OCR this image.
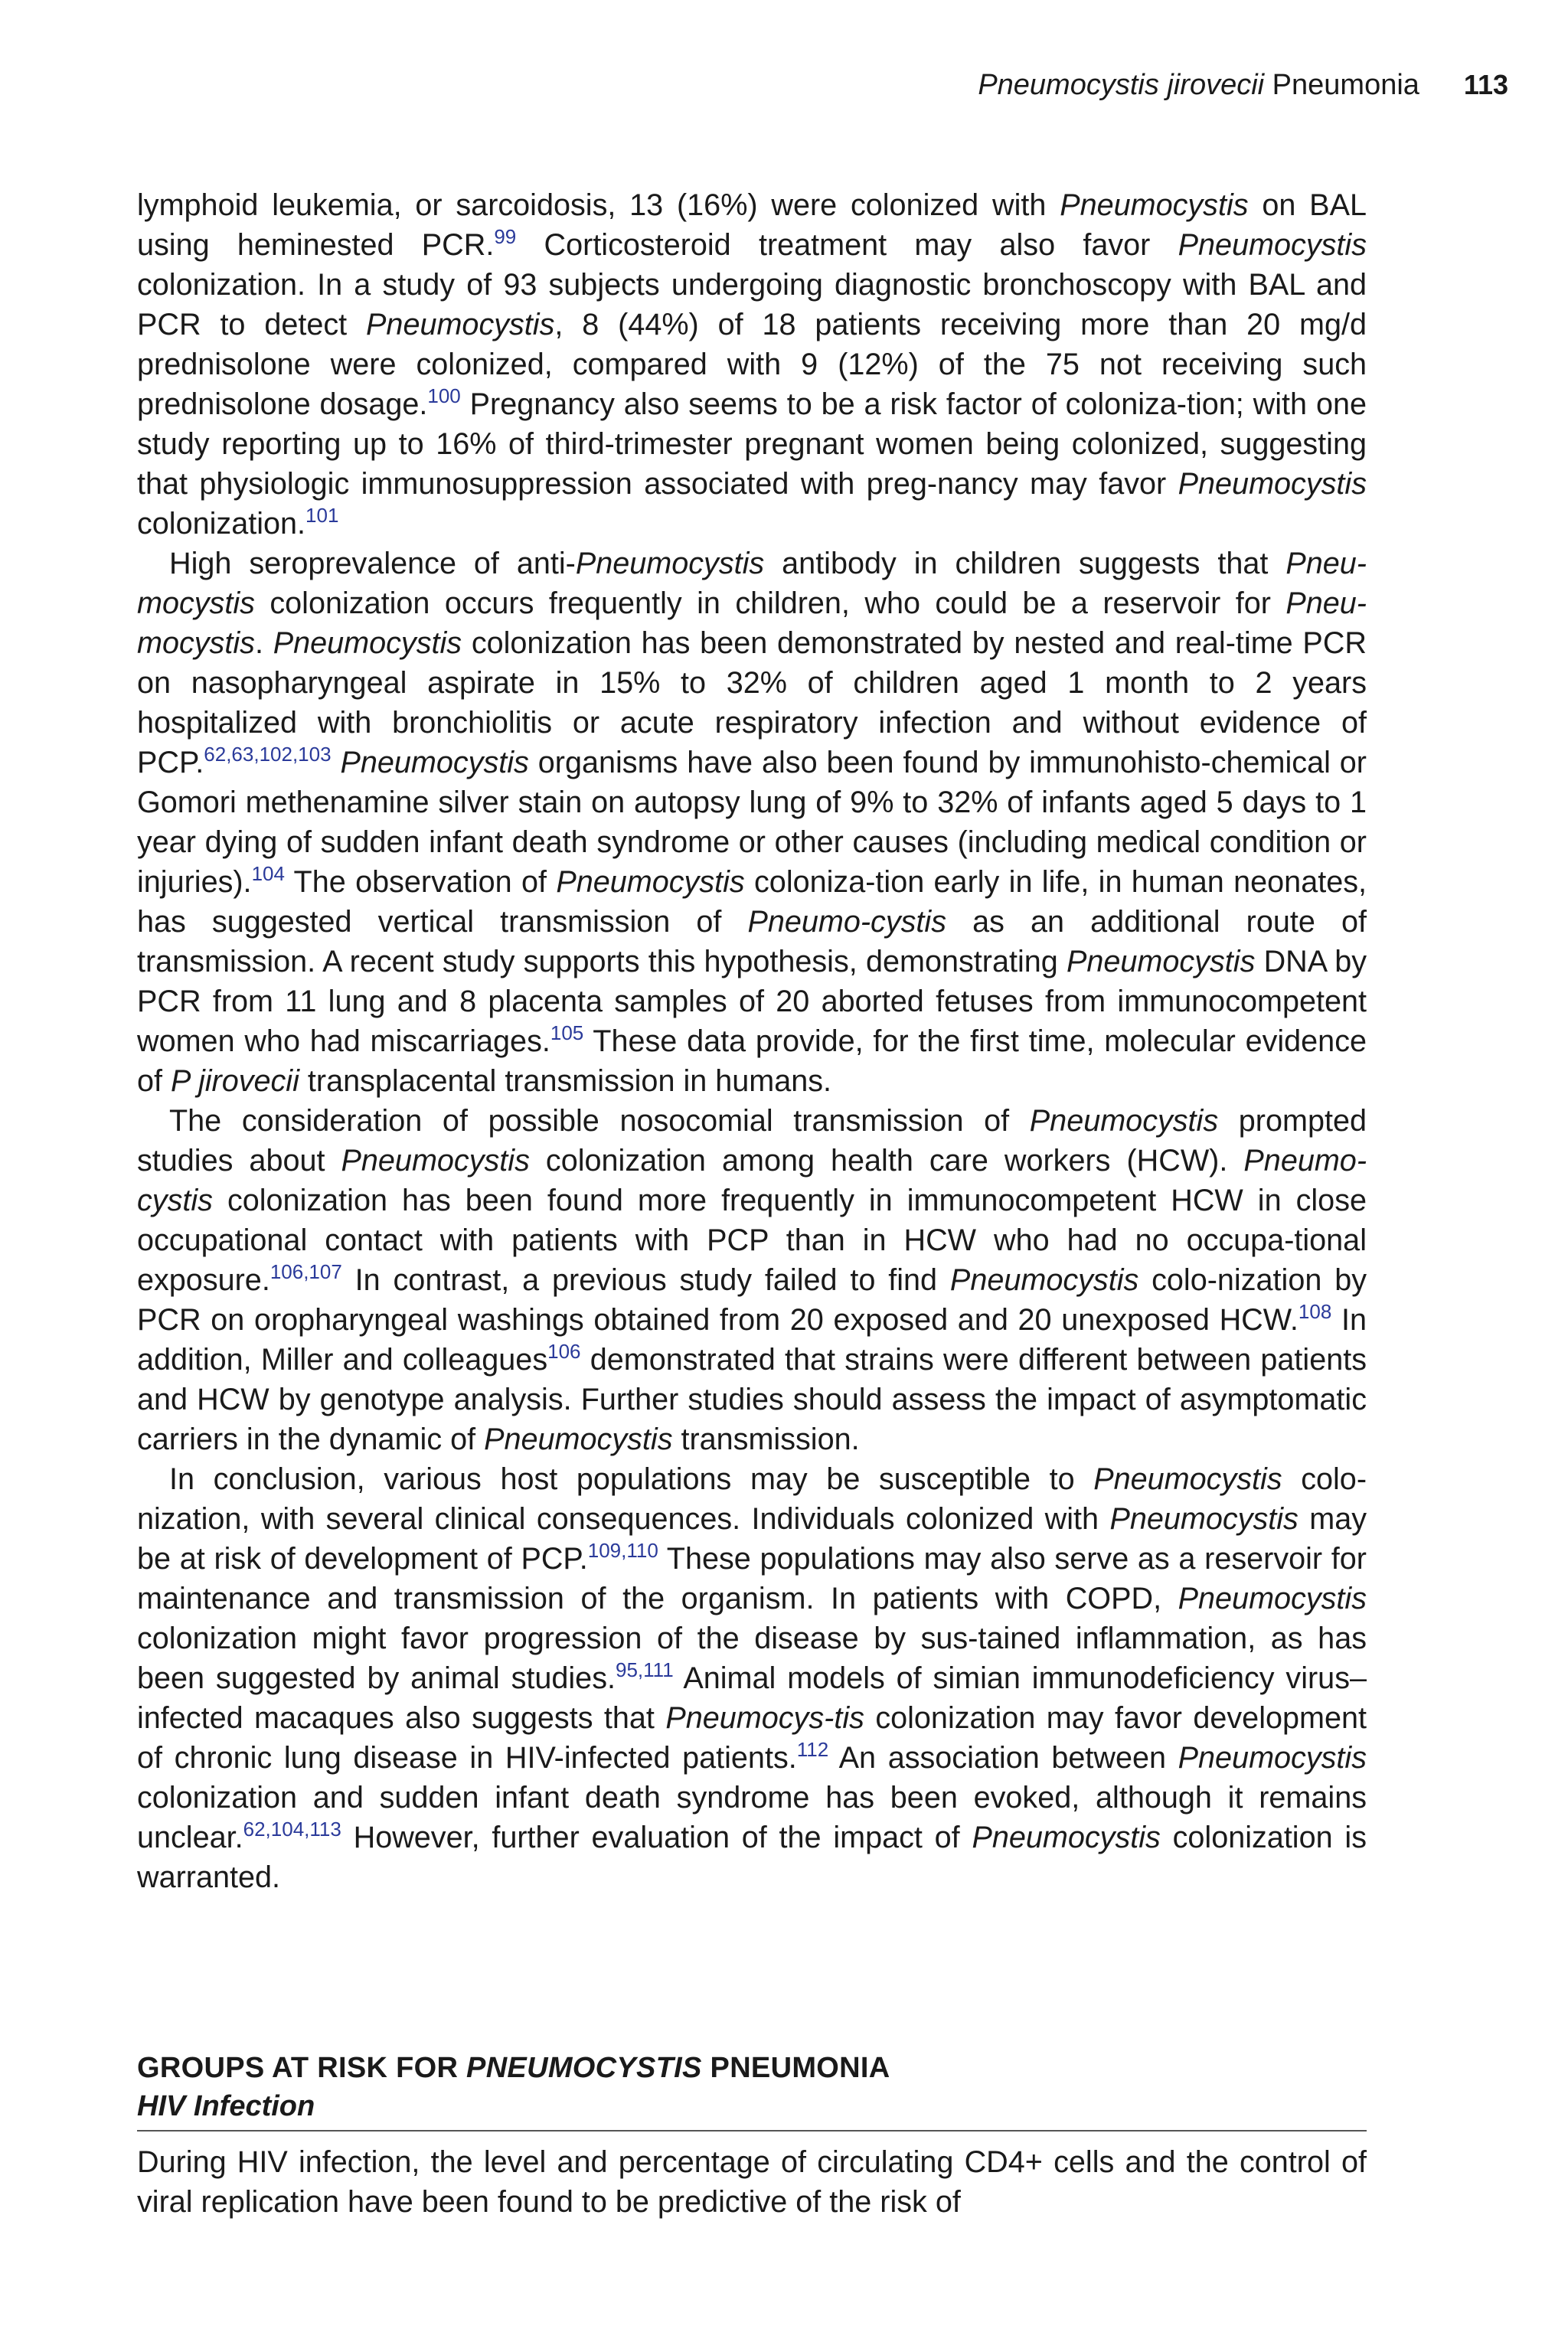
Pneumocystis jirovecii Pneumonia 113

lymphoid leukemia, or sarcoidosis, 13 (16%) were colonized with Pneumocystis on BAL using heminested PCR.$^{99}$ Corticosteroid treatment may also favor Pneumocystis colonization. In a study of 93 subjects undergoing diagnostic bronchoscopy with BAL and PCR to detect Pneumocystis, 8 (44%) of 18 patients receiving more than 20 mg/d prednisolone were colonized, compared with 9 (12%) of the 75 not receiving such prednisolone dosage.$^{100}$ Pregnancy also seems to be a risk factor of coloniza-tion; with one study reporting up to 16% of third-trimester pregnant women being colonized, suggesting that physiologic immunosuppression associated with preg-nancy may favor Pneumocystis colonization.$^{101}$

High seroprevalence of anti-Pneumocystis antibody in children suggests that Pneu-mocystis colonization occurs frequently in children, who could be a reservoir for Pneu-mocystis. Pneumocystis colonization has been demonstrated by nested and real-time PCR on nasopharyngeal aspirate in 15% to 32% of children aged 1 month to 2 years hospitalized with bronchiolitis or acute respiratory infection and without evidence of PCP.$^{62,63,102,103}$ Pneumocystis organisms have also been found by immunohisto-chemical or Gomori methenamine silver stain on autopsy lung of 9% to 32% of infants aged 5 days to 1 year dying of sudden infant death syndrome or other causes (including medical condition or injuries).$^{104}$ The observation of Pneumocystis coloniza-tion early in life, in human neonates, has suggested vertical transmission of Pneumo-cystis as an additional route of transmission. A recent study supports this hypothesis, demonstrating Pneumocystis DNA by PCR from 11 lung and 8 placenta samples of 20 aborted fetuses from immunocompetent women who had miscarriages.$^{105}$ These data provide, for the first time, molecular evidence of P jirovecii transplacental transmission in humans.

The consideration of possible nosocomial transmission of Pneumocystis prompted studies about Pneumocystis colonization among health care workers (HCW). Pneumo-cystis colonization has been found more frequently in immunocompetent HCW in close occupational contact with patients with PCP than in HCW who had no occupa-tional exposure.$^{106,107}$ In contrast, a previous study failed to find Pneumocystis colo-nization by PCR on oropharyngeal washings obtained from 20 exposed and 20 unexposed HCW.$^{108}$ In addition, Miller and colleagues$^{106}$ demonstrated that strains were different between patients and HCW by genotype analysis. Further studies should assess the impact of asymptomatic carriers in the dynamic of Pneumocystis transmission.

In conclusion, various host populations may be susceptible to Pneumocystis colo-nization, with several clinical consequences. Individuals colonized with Pneumocystis may be at risk of development of PCP.$^{109,110}$ These populations may also serve as a reservoir for maintenance and transmission of the organism. In patients with COPD, Pneumocystis colonization might favor progression of the disease by sus-tained inflammation, as has been suggested by animal studies.$^{95,111}$ Animal models of simian immunodeficiency virus–infected macaques also suggests that Pneumocys-tis colonization may favor development of chronic lung disease in HIV-infected patients.$^{112}$ An association between Pneumocystis colonization and sudden infant death syndrome has been evoked, although it remains unclear.$^{62,104,113}$ However, further evaluation of the impact of Pneumocystis colonization is warranted.

GROUPS AT RISK FOR PNEUMOCYSTIS PNEUMONIA
HIV Infection

During HIV infection, the level and percentage of circulating CD4+ cells and the control of viral replication have been found to be predictive of the risk of
